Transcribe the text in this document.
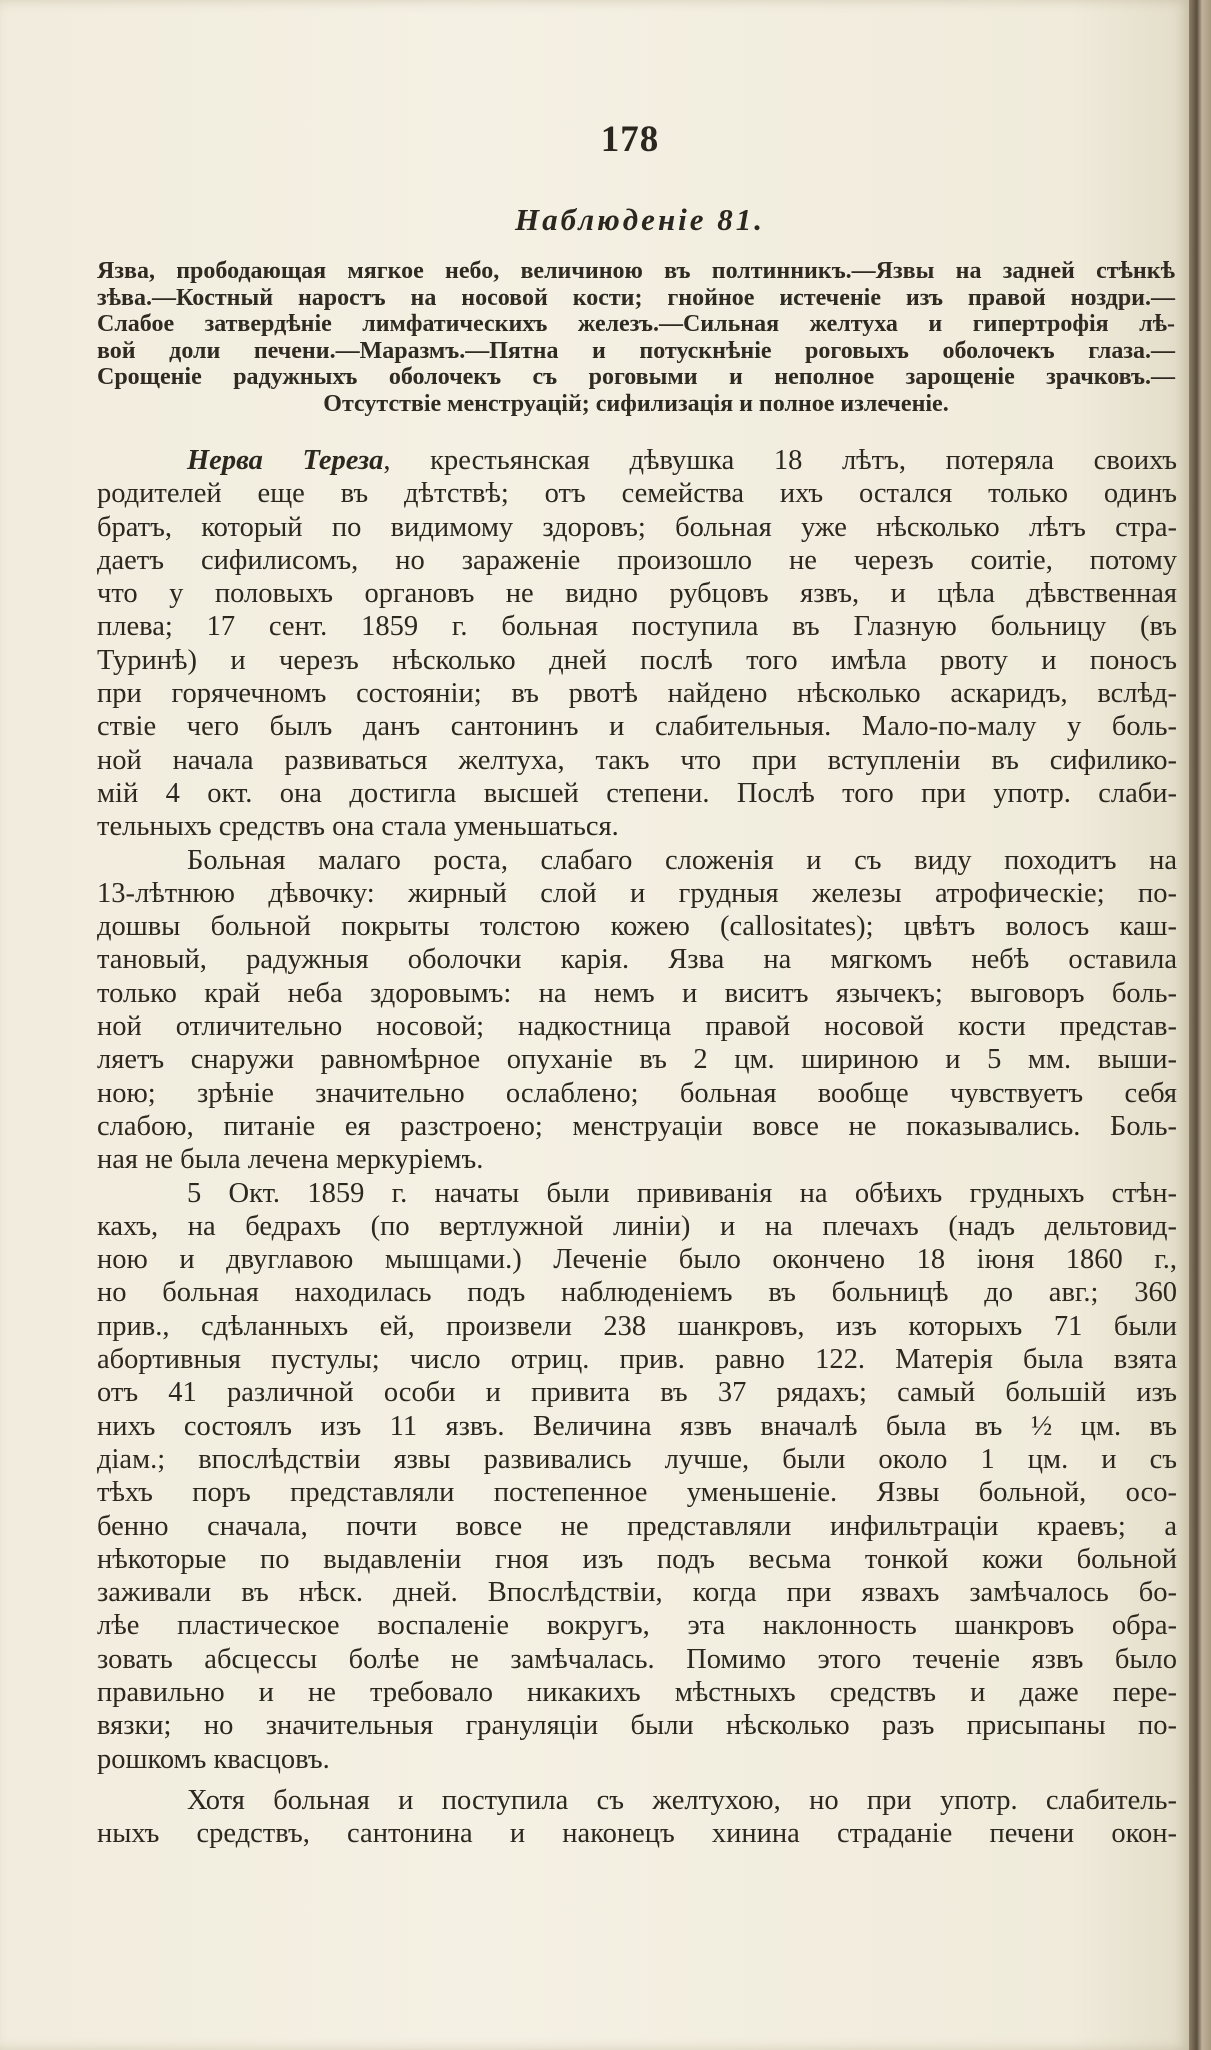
178
Наблюденіе 81.
Язва, прободающая мягкое небо, величиною въ полтинникъ.—Язвы на задней стѣнкѣ
зѣва.—Костный наростъ на носовой кости; гнойное истеченіе изъ правой ноздри.—
Слабое затвердѣніе лимфатическихъ железъ.—Сильная желтуха и гипертрофія лѣ-
вой доли печени.—Маразмъ.—Пятна и потускнѣніе роговыхъ оболочекъ глаза.—
Срощеніе радужныхъ оболочекъ съ роговыми и неполное зарощеніе зрачковъ.—
Отсутствіе менструацій; сифилизація и полное излеченіе.
Нерва Тереза, крестьянская дѣвушка 18 лѣтъ, потеряла своихъ
родителей еще въ дѣтствѣ; отъ семейства ихъ остался только одинъ
братъ, который по видимому здоровъ; больная уже нѣсколько лѣтъ стра-
даетъ сифилисомъ, но зараженіе произошло не черезъ соитіе, потому
что у половыхъ органовъ не видно рубцовъ язвъ, и цѣла дѣвственная
плева; 17 сент. 1859 г. больная поступила въ Глазную больницу (въ
Туринѣ) и черезъ нѣсколько дней послѣ того имѣла рвоту и поносъ
при горячечномъ состояніи; въ рвотѣ найдено нѣсколько аскаридъ, вслѣд-
ствіе чего былъ данъ сантонинъ и слабительныя. Мало-по-малу у боль-
ной начала развиваться желтуха, такъ что при вступленіи въ сифилико-
мій 4 окт. она достигла высшей степени. Послѣ того при употр. слаби-
тельныхъ средствъ она стала уменьшаться.
Больная малаго роста, слабаго сложенія и съ виду походитъ на
13-лѣтнюю дѣвочку: жирный слой и грудныя железы атрофическіе; по-
дошвы больной покрыты толстою кожею (callositates); цвѣтъ волосъ каш-
тановый, радужныя оболочки карія. Язва на мягкомъ небѣ оставила
только край неба здоровымъ: на немъ и виситъ язычекъ; выговоръ боль-
ной отличительно носовой; надкостница правой носовой кости представ-
ляетъ снаружи равномѣрное опуханіе въ 2 цм. шириною и 5 мм. выши-
ною; зрѣніе значительно ослаблено; больная вообще чувствуетъ себя
слабою, питаніе ея разстроено; менструаціи вовсе не показывались. Боль-
ная не была лечена меркуріемъ.
5 Окт. 1859 г. начаты были прививанія на обѣихъ грудныхъ стѣн-
кахъ, на бедрахъ (по вертлужной линіи) и на плечахъ (надъ дельтовид-
ною и двуглавою мышцами.) Леченіе было окончено 18 іюня 1860 г.,
но больная находилась подъ наблюденіемъ въ больницѣ до авг.; 360
прив., сдѣланныхъ ей, произвели 238 шанкровъ, изъ которыхъ 71 были
абортивныя пустулы; число отриц. прив. равно 122. Матерія была взята
отъ 41 различной особи и привита въ 37 рядахъ; самый большій изъ
нихъ состоялъ изъ 11 язвъ. Величина язвъ вначалѣ была въ ½ цм. въ
діам.; впослѣдствіи язвы развивались лучше, были около 1 цм. и съ
тѣхъ поръ представляли постепенное уменьшеніе. Язвы больной, осо-
бенно сначала, почти вовсе не представляли инфильтраціи краевъ; а
нѣкоторые по выдавленіи гноя изъ подъ весьма тонкой кожи больной
заживали въ нѣск. дней. Впослѣдствіи, когда при язвахъ замѣчалось бо-
лѣе пластическое воспаленіе вокругъ, эта наклонность шанкровъ обра-
зовать абсцессы болѣе не замѣчалась. Помимо этого теченіе язвъ было
правильно и не требовало никакихъ мѣстныхъ средствъ и даже пере-
вязки; но значительныя грануляціи были нѣсколько разъ присыпаны по-
рошкомъ квасцовъ.
Хотя больная и поступила съ желтухою, но при употр. слабитель-
ныхъ средствъ, сантонина и наконецъ хинина страданіе печени окон-
